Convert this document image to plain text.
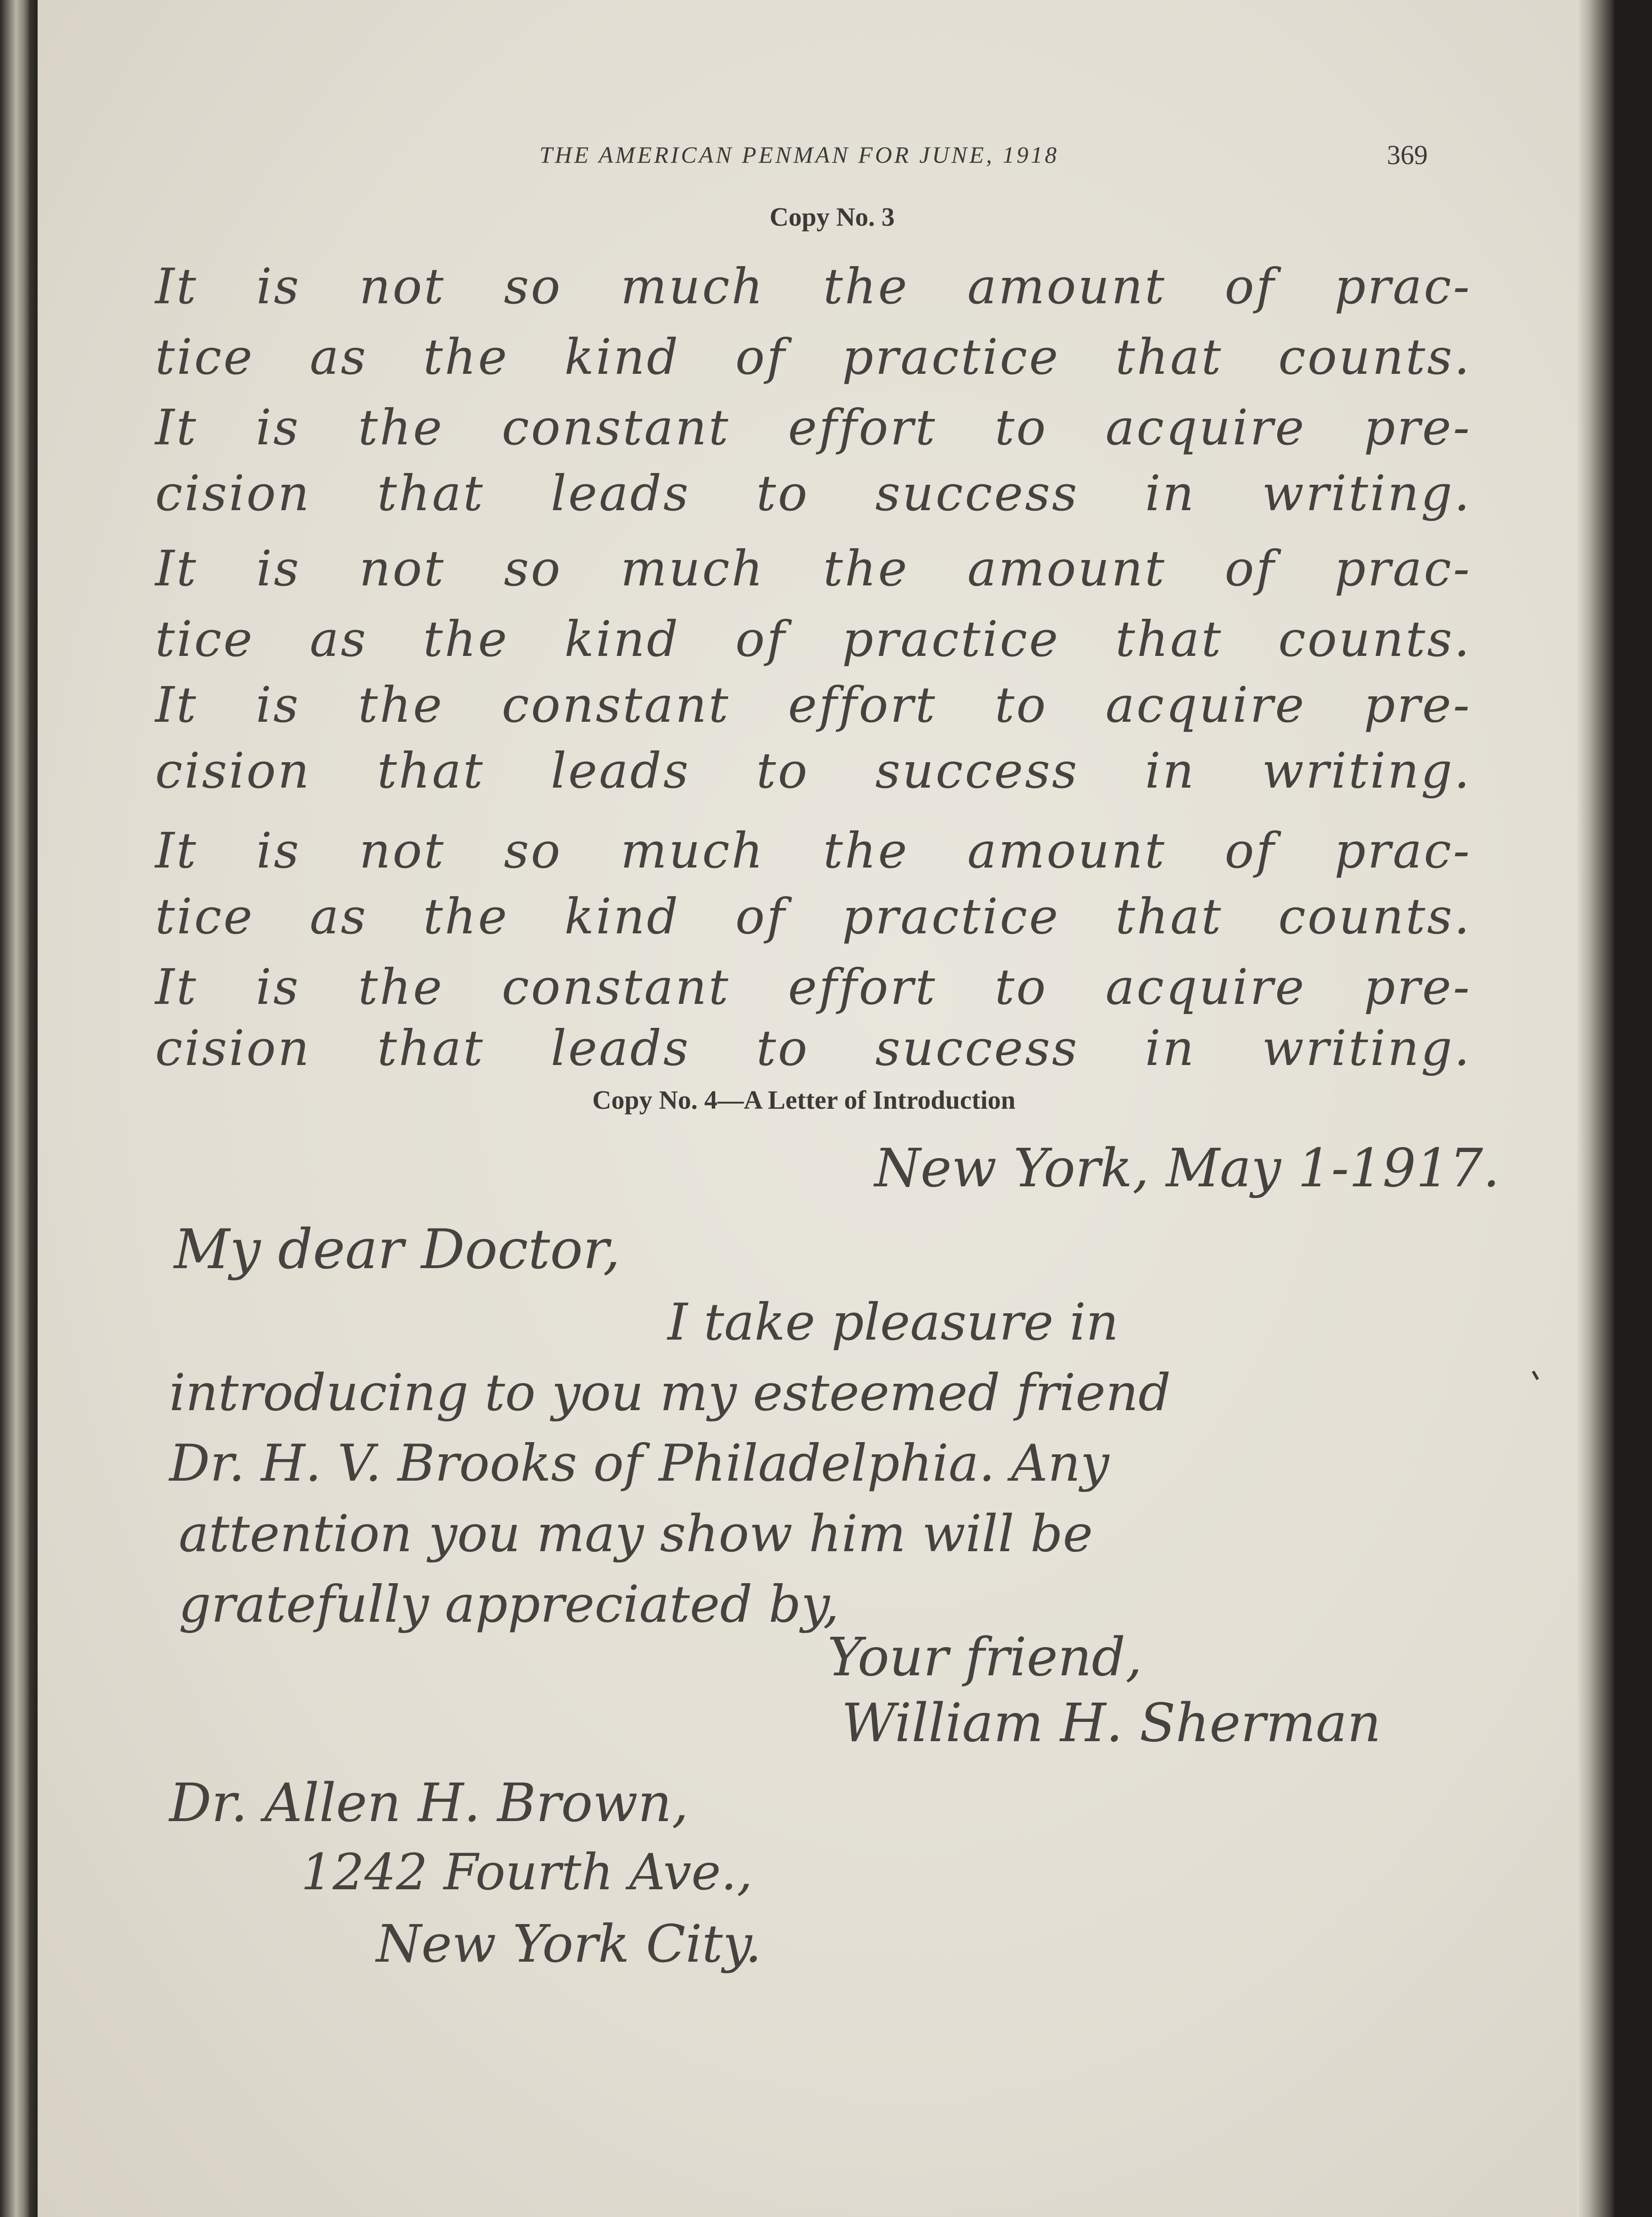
THE AMERICAN PENMAN FOR JUNE, 1918	369
Copy No. 3
It is not so much the amount of prac-
tice as the kind of practice that counts.
It is the constant effort to acquire pre-
cision that leads to success in writing.
It is not so much the amount of prac-
tice as the kind of practice that counts.
It is the constant effort to acquire pre-
cision that leads to success in writing.
It is not so much the amount of prac-
tice as the kind of practice that counts.
It is the constant effort to acquire pre-
cision that leads to success in writing.
Copy No. 4—A Letter of Introduction
New York, May 1-1917.
My dear Doctor,
I take pleasure in
introducing to you my esteemed friend
Dr. H. V. Brooks of Philadelphia. Any
attention you may show him will be
gratefully appreciated by,
Your friend,
William H. Sherman
Dr. Allen H. Brown,
1242 Fourth Ave.,
New York City.
